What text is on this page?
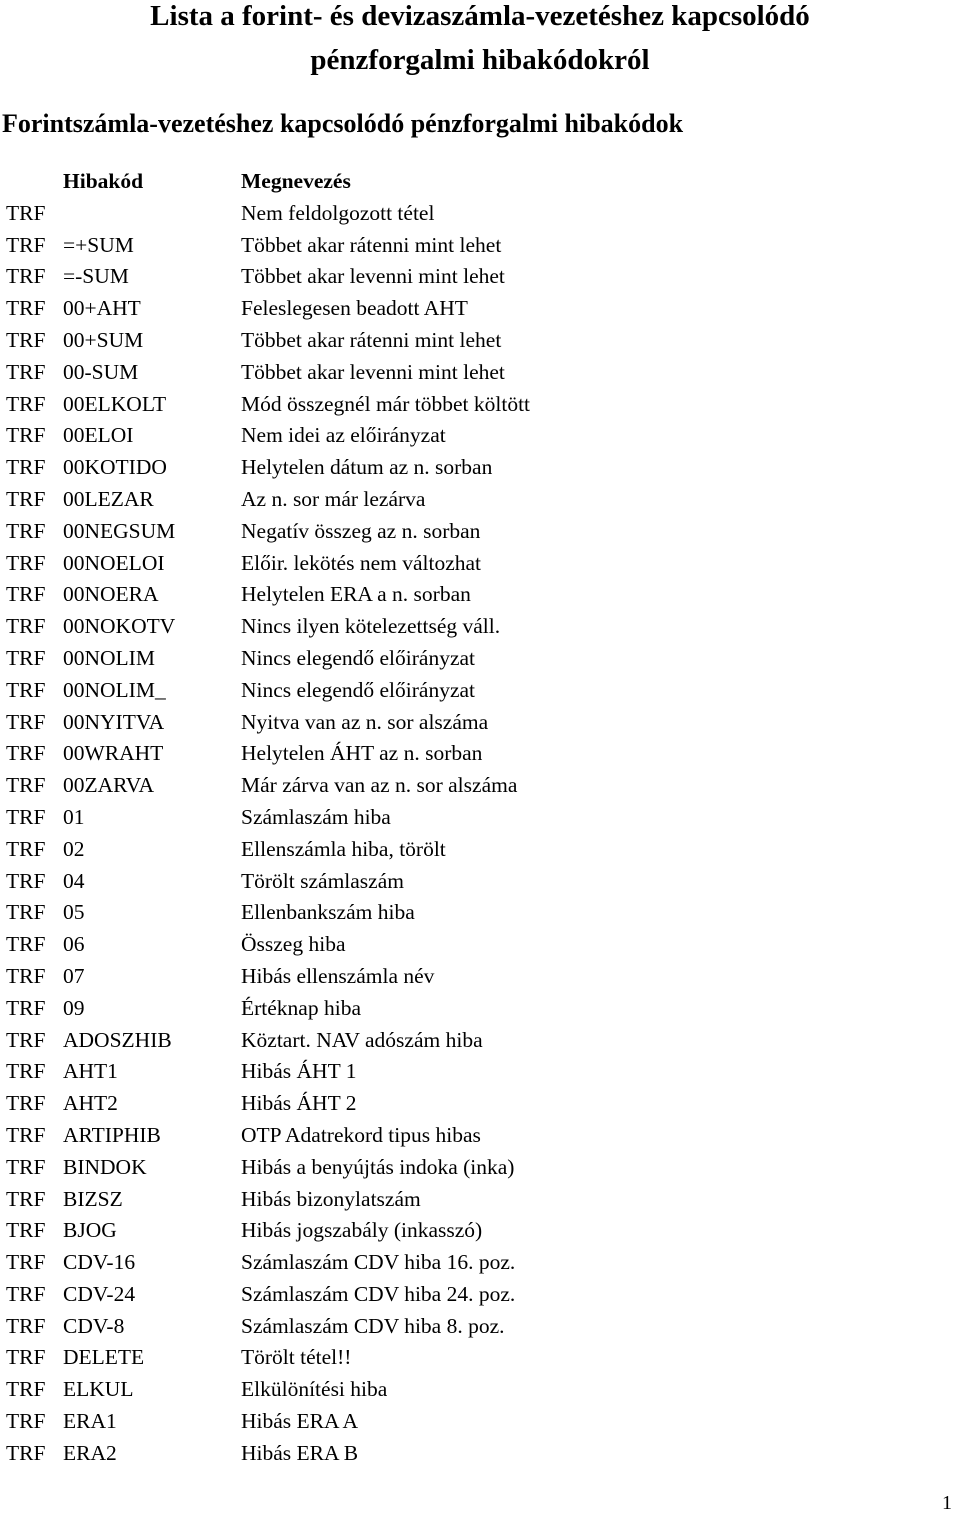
Lista a forint- és devizaszámla-vezetéshez kapcsolódó
pénzforgalmi hibakódokról
Forintszámla-vezetéshez kapcsolódó pénzforgalmi hibakódok
Hibakód	Megnevezés
TRF	Nem feldolgozott tétel
TRF =+SUM	Többet akar rátenni mint lehet
TRF =-SUM	Többet akar levenni mint lehet
TRF 00+AHT	Feleslegesen beadott AHT
TRF 00+SUM	Többet akar rátenni mint lehet
TRF 00-SUM	Többet akar levenni mint lehet
TRF 00ELKOLT	Mód összegnél már többet költött
TRF 00ELOI	Nem idei az előirányzat
TRF 00KOTIDO	Helytelen dátum az n. sorban
TRF 00LEZAR	Az n. sor már lezárva
TRF 00NEGSUM	Negatív összeg az n. sorban
TRF 00NOELOI	Előir. lekötés nem változhat
TRF 00NOERA	Helytelen ERA a n. sorban
TRF 00NOKOTV	Nincs ilyen kötelezettség váll.
TRF 00NOLIM	Nincs elegendő előirányzat
TRF 00NOLIM_	Nincs elegendő előirányzat
TRF 00NYITVA	Nyitva van az n. sor alszáma
TRF 00WRAHT	Helytelen ÁHT az n. sorban
TRF 00ZARVA	Már zárva van az n. sor alszáma
TRF 01	Számlaszám hiba
TRF 02	Ellenszámla hiba, törölt
TRF 04	Törölt számlaszám
TRF 05	Ellenbankszám hiba
TRF 06	Összeg hiba
TRF 07	Hibás ellenszámla név
TRF 09	Értéknap hiba
TRF ADOSZHIB	Köztart. NAV adószám hiba
TRF AHT1	Hibás ÁHT 1
TRF AHT2	Hibás ÁHT 2
TRF ARTIPHIB	OTP Adatrekord tipus hibas
TRF BINDOK	Hibás a benyújtás indoka (inka)
TRF BIZSZ	Hibás bizonylatszám
TRF BJOG	Hibás jogszabály (inkasszó)
TRF CDV-16	Számlaszám CDV hiba 16. poz.
TRF CDV-24	Számlaszám CDV hiba 24. poz.
TRF CDV-8	Számlaszám CDV hiba 8. poz.
TRF DELETE	Törölt tétel!!
TRF ELKUL	Elkülönítési hiba
TRF ERA1	Hibás ERA A
TRF ERA2	Hibás ERA B
1
